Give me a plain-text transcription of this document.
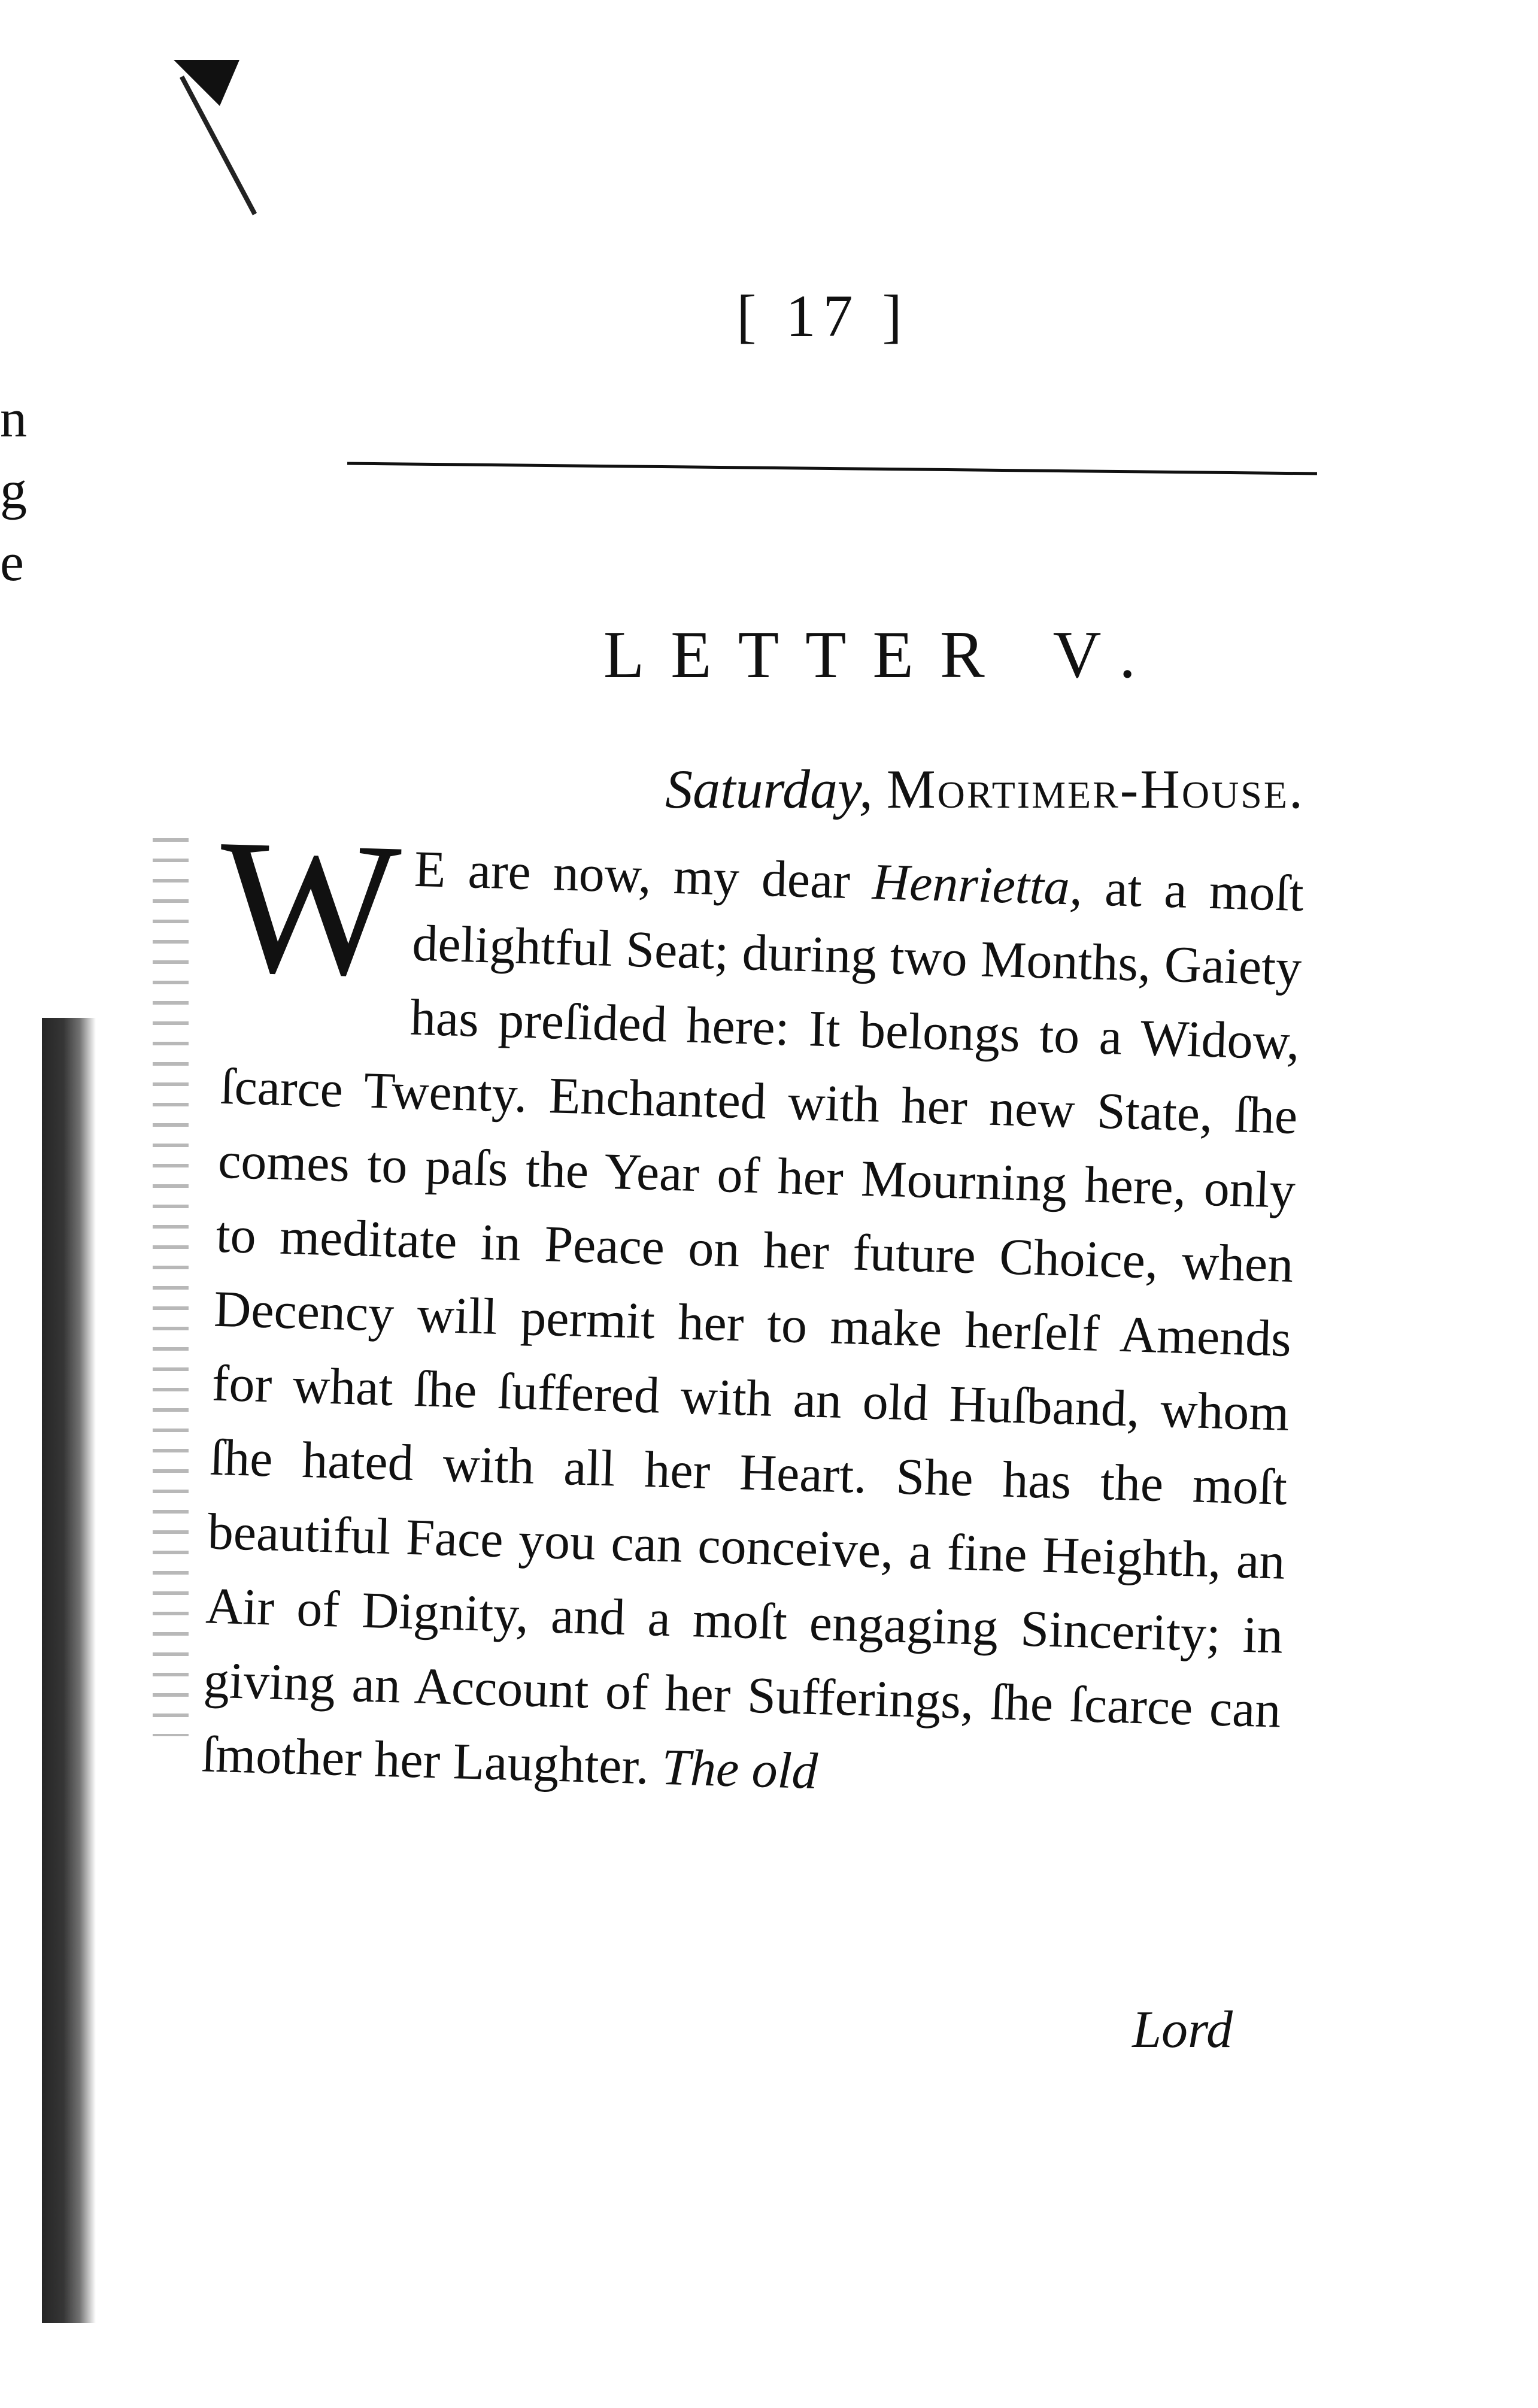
n
g
e
[ 17 ]
LETTER V.
Saturday, Mortimer-House.

W E are now, my dear Henrietta, at a moſt delightful Seat; during two Months, Gaiety has preſided here: It belongs to a Widow, ſcarce Twenty. Enchanted with her new State, ſhe comes to paſs the Year of her Mourning here, only to meditate in Peace on her future Choice, when Decency will permit her to make herſelf Amends for what ſhe ſuffered with an old Huſband, whom ſhe hated with all her Heart. She has the moſt beautiful Face you can conceive, a fine Heighth, an Air of Dignity, and a moſt engaging Sincerity; in giving an Account of her Sufferings, ſhe ſcarce can ſmother her Laughter. The old

Lord
